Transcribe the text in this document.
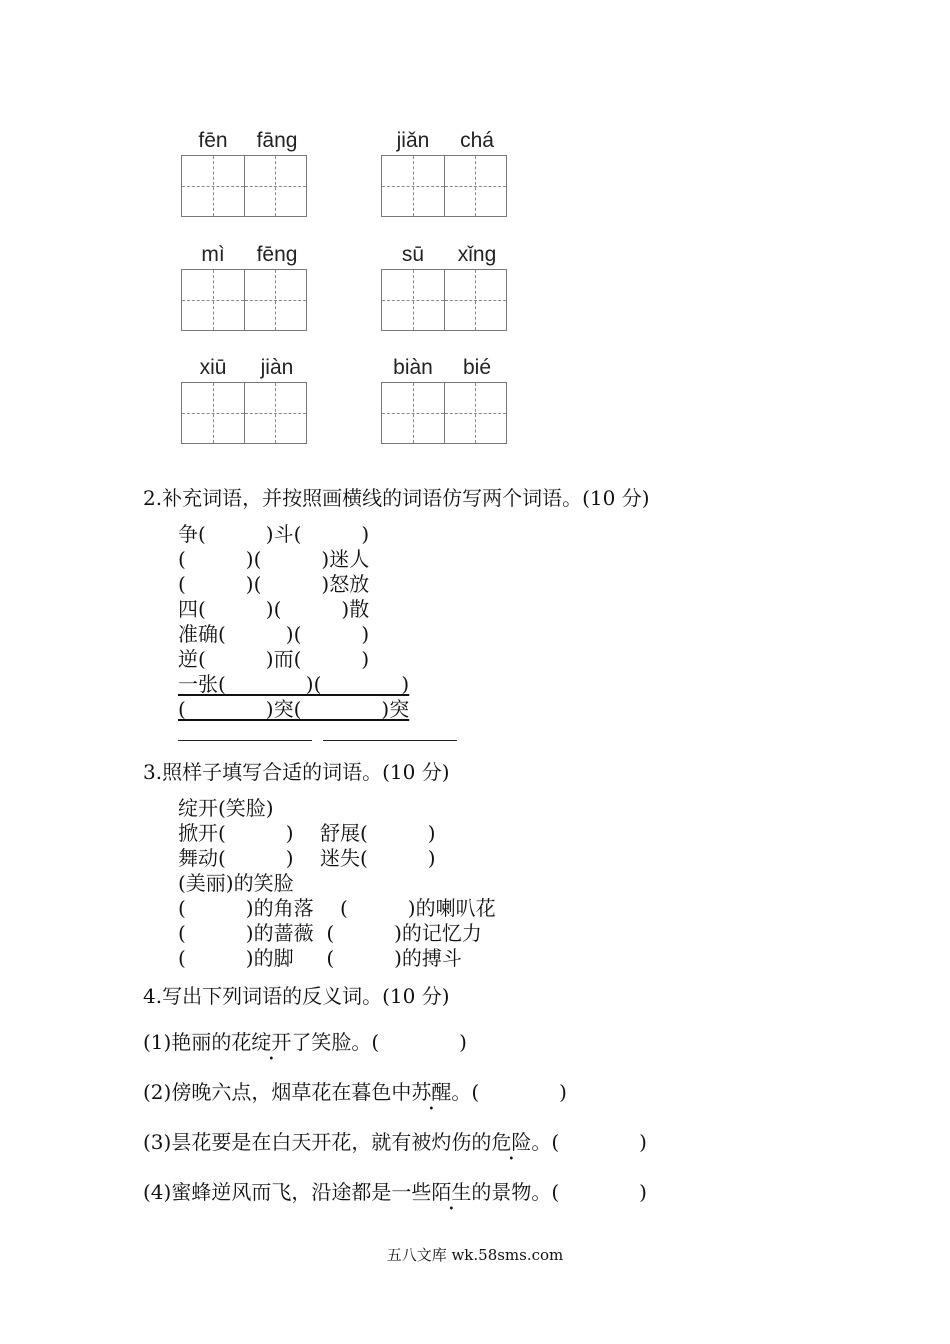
fēn	fāng	jiǎn	chá
mì	fēng	sū	xǐng
xiū	jiàn	biàn	bié
2.补充词语，并按照画横线的词语仿写两个词语。(10 分)
争(　　　)斗(　　　)
(　　　)(　　　)迷人
(　　　)(　　　)怒放
四(　　　)(　　　)散
准确(　　　)(　　　)
逆(　　　)而(　　　)
一张(　　　　)(　　　　)
(　　　　)突(　　　　)突
3.照样子填写合适的词语。(10 分)
绽开(笑脸)
掀开(　　　)　 舒展(　　　)
舞动(　　　)　 迷失(　　　)
(美丽)的笑脸
(　　　)的角落　 (　　　)的喇叭花
(　　　)的蔷薇  (　　　)的记忆力
(　　　)的脚　  (　　　)的搏斗
4.写出下列词语的反义词。(10 分)
(1)艳丽的花绽开了笑脸。(　　　　)
(2)傍晚六点，烟草花在暮色中苏醒。(　　　　)
(3)昙花要是在白天开花，就有被灼伤的危险。(　　　　)
(4)蜜蜂逆风而飞，沿途都是一些陌生的景物。(　　　　)
五八文库 wk.58sms.com
